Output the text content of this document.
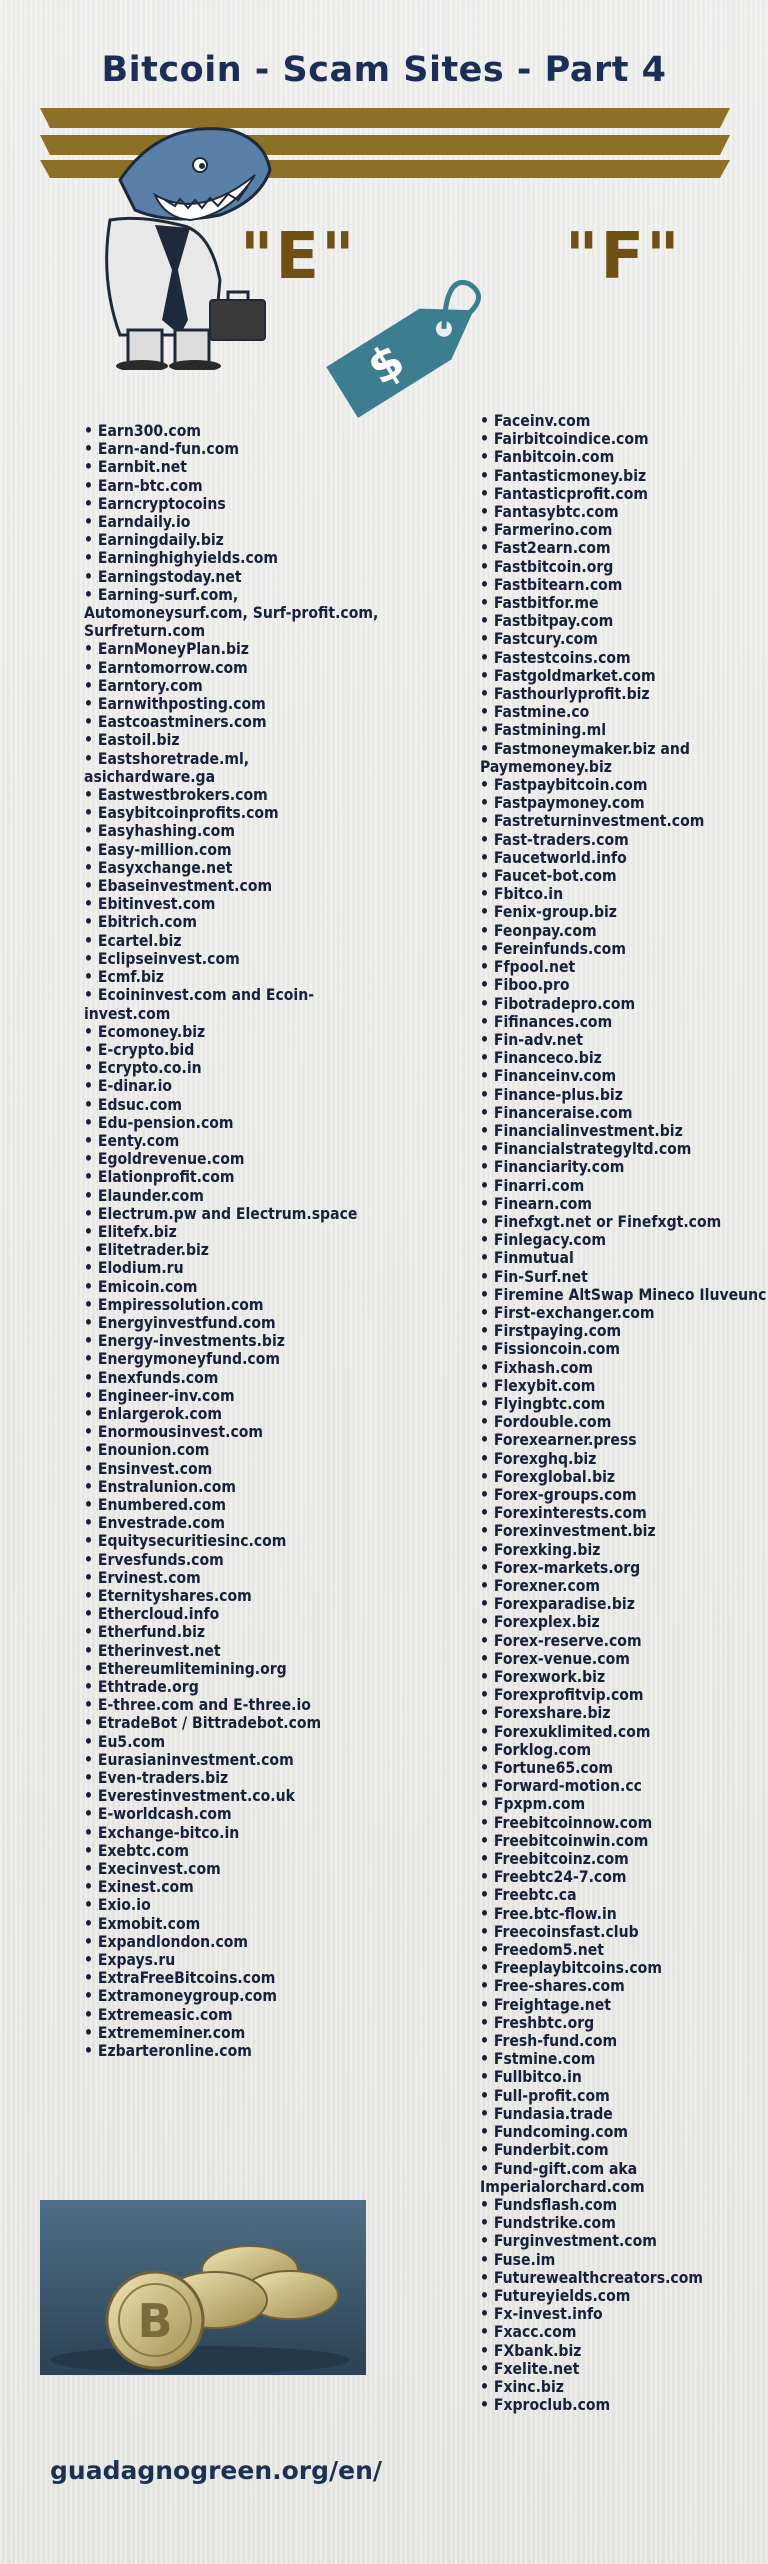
Bitcoin - Scam Sites - Part 4
"E"	"F"
$
• Earn300.com
• Earn-and-fun.com
• Earnbit.net
• Earn-btc.com
• Earncryptocoins
• Earndaily.io
• Earningdaily.biz
• Earninghighyields.com
• Earningstoday.net
• Earning-surf.com, Automoneysurf.com, Surf-profit.com, Surfreturn.com
• EarnMoneyPlan.biz
• Earntomorrow.com
• Earntory.com
• Earnwithposting.com
• Eastcoastminers.com
• Eastoil.biz
• Eastshoretrade.ml, asichardware.ga
• Eastwestbrokers.com
• Easybitcoinprofits.com
• Easyhashing.com
• Easy-million.com
• Easyxchange.net
• Ebaseinvestment.com
• Ebitinvest.com
• Ebitrich.com
• Ecartel.biz
• Eclipseinvest.com
• Ecmf.biz
• Ecoininvest.com and Ecoin-invest.com
• Ecomoney.biz
• E-crypto.bid
• Ecrypto.co.in
• E-dinar.io
• Edsuc.com
• Edu-pension.com
• Eenty.com
• Egoldrevenue.com
• Elationprofit.com
• Elaunder.com
• Electrum.pw and Electrum.space
• Elitefx.biz
• Elitetrader.biz
• Elodium.ru
• Emicoin.com
• Empiressolution.com
• Energyinvestfund.com
• Energy-investments.biz
• Energymoneyfund.com
• Enexfunds.com
• Engineer-inv.com
• Enlargerok.com
• Enormousinvest.com
• Enounion.com
• Ensinvest.com
• Enstralunion.com
• Enumbered.com
• Envestrade.com
• Equitysecuritiesinc.com
• Ervesfunds.com
• Ervinest.com
• Eternityshares.com
• Ethercloud.info
• Etherfund.biz
• Etherinvest.net
• Ethereumlitemining.org
• Ethtrade.org
• E-three.com and E-three.io
• EtradeBot / Bittradebot.com
• Eu5.com
• Eurasianinvestment.com
• Even-traders.biz
• Everestinvestment.co.uk
• E-worldcash.com
• Exchange-bitco.in
• Exebtc.com
• Execinvest.com
• Exinest.com
• Exio.io
• Exmobit.com
• Expandlondon.com
• Expays.ru
• ExtraFreeBitcoins.com
• Extramoneygroup.com
• Extremeasic.com
• Extrememiner.com
• Ezbarteronline.com
• Faceinv.com
• Fairbitcoindice.com
• Fanbitcoin.com
• Fantasticmoney.biz
• Fantasticprofit.com
• Fantasybtc.com
• Farmerino.com
• Fast2earn.com
• Fastbitcoin.org
• Fastbitearn.com
• Fastbitfor.me
• Fastbitpay.com
• Fastcury.com
• Fastestcoins.com
• Fastgoldmarket.com
• Fasthourlyprofit.biz
• Fastmine.co
• Fastmining.ml
• Fastmoneymaker.biz and Paymemoney.biz
• Fastpaybitcoin.com
• Fastpaymoney.com
• Fastreturninvestment.com
• Fast-traders.com
• Faucetworld.info
• Faucet-bot.com
• Fbitco.in
• Fenix-group.biz
• Feonpay.com
• Fereinfunds.com
• Ffpool.net
• Fiboo.pro
• Fibotradepro.com
• Fifinances.com
• Fin-adv.net
• Financeco.biz
• Financeinv.com
• Finance-plus.biz
• Financeraise.com
• Financialinvestment.biz
• Financialstrategyltd.com
• Financiarity.com
• Finarri.com
• Finearn.com
• Finefxgt.net or Finefxgt.com
• Finlegacy.com
• Finmutual
• Fin-Surf.net
• Firemine AltSwap Mineco Iluveunc
• First-exchanger.com
• Firstpaying.com
• Fissioncoin.com
• Fixhash.com
• Flexybit.com
• Flyingbtc.com
• Fordouble.com
• Forexearner.press
• Forexghq.biz
• Forexglobal.biz
• Forex-groups.com
• Forexinterests.com
• Forexinvestment.biz
• Forexking.biz
• Forex-markets.org
• Forexner.com
• Forexparadise.biz
• Forexplex.biz
• Forex-reserve.com
• Forex-venue.com
• Forexwork.biz
• Forexprofitvip.com
• Forexshare.biz
• Forexuklimited.com
• Forklog.com
• Fortune65.com
• Forward-motion.cc
• Fpxpm.com
• Freebitcoinnow.com
• Freebitcoinwin.com
• Freebitcoinz.com
• Freebtc24-7.com
• Freebtc.ca
• Free.btc-flow.in
• Freecoinsfast.club
• Freedom5.net
• Freeplaybitcoins.com
• Free-shares.com
• Freightage.net
• Freshbtc.org
• Fresh-fund.com
• Fstmine.com
• Fullbitco.in
• Full-profit.com
• Fundasia.trade
• Fundcoming.com
• Funderbit.com
• Fund-gift.com aka Imperialorchard.com
• Fundsflash.com
• Fundstrike.com
• Furginvestment.com
• Fuse.im
• Futurewealthcreators.com
• Futureyields.com
• Fx-invest.info
• Fxacc.com
• FXbank.biz
• Fxelite.net
• Fxinc.biz
• Fxproclub.com
B
guadagnogreen.org/en/
